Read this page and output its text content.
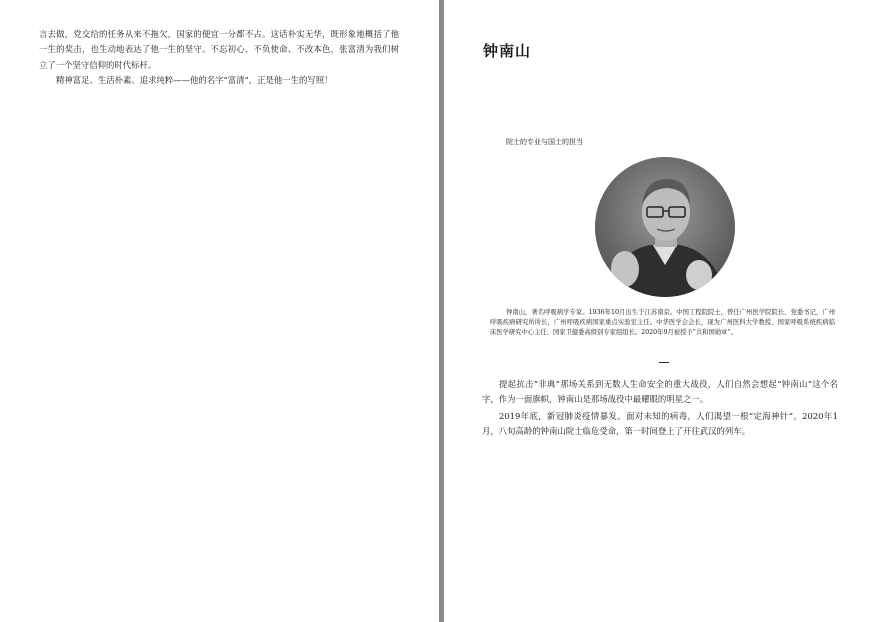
言去做，党交给的任务从来不拖欠，国家的便宜一分都不占。这话朴实无华，既形象地概括了他一生的奖击，也生动地表达了他一生的坚守。不忘初心、不负使命、不改本色，张富清为我们树立了一个坚守信仰的时代标杆。

精神富足、生活朴素、追求纯粹——他的名字“富清”，正是他一生的写照！

钟南山

院士的专业与国士的担当

钟南山，著名呼吸病学专家。1936年10月出生于江苏南京。中国工程院院士，曾任广州医学院院长、党委书记，广州呼吸疾病研究所所长，广州呼吸疾病国家重点实验室主任。中华医学会会长，现为广州医科大学教授、国家呼吸系统疾病临床医学研究中心主任、国家卫健委高级别专家组组长。2020年9月被授予“共和国勋章”。

提起抗击“非典”那场关系到无数人生命安全的重大战役，人们自然会想起“钟南山”这个名字，作为一面旗帜，钟南山是那场战役中最耀眼的明星之一。

2019年底，新冠肺炎疫情暴发。面对未知的病毒，人们渴望一根“定海神针”。2020年1月，八旬高龄的钟南山院士临危受命，第一时间登上了开往武汉的列车。
